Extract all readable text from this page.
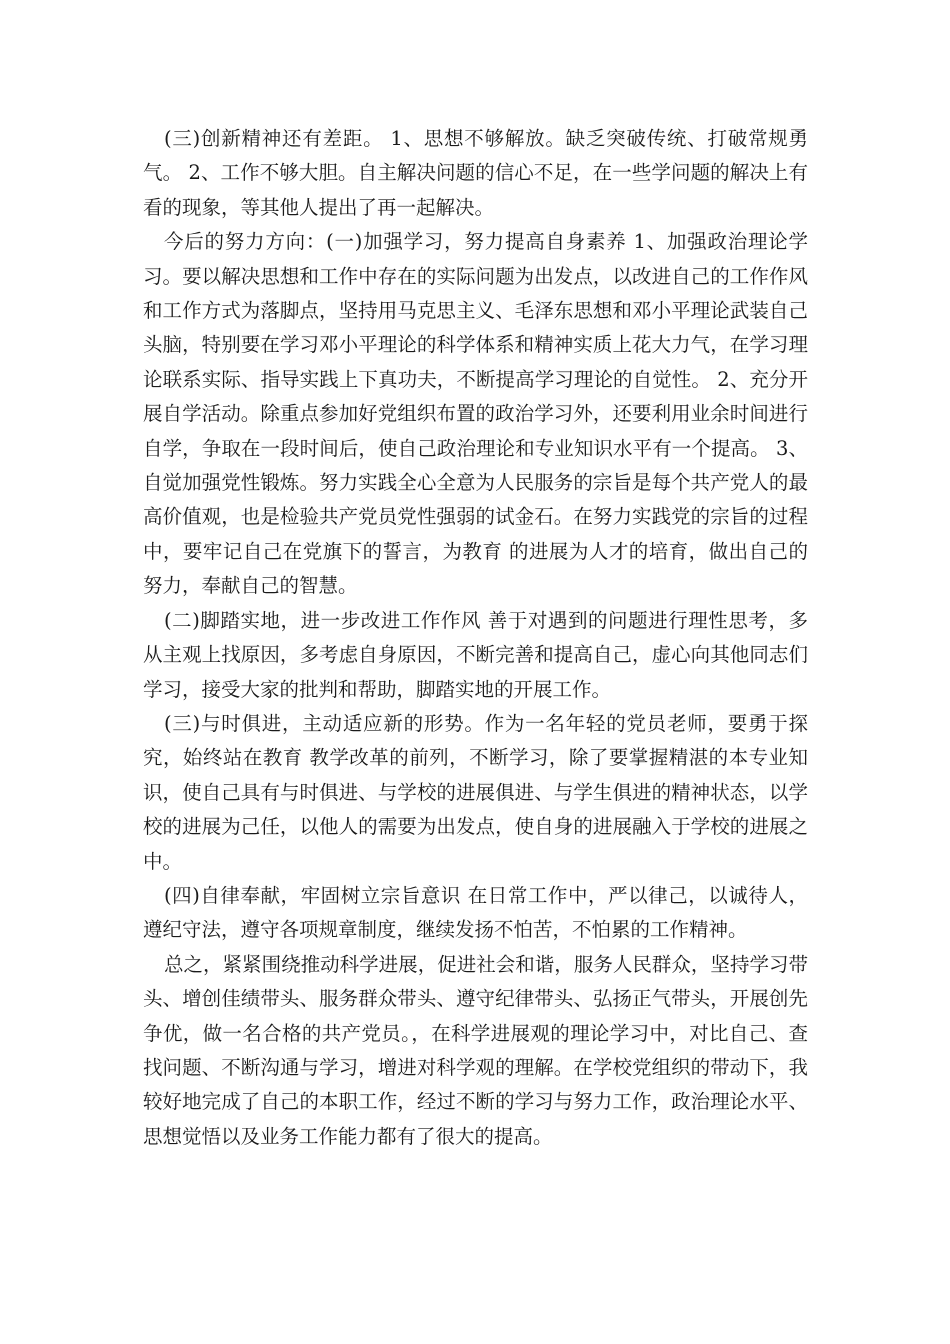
(三)创新精神还有差距。 1、思想不够解放。缺乏突破传统、打破常规勇气。 2、工作不够大胆。自主解决问题的信心不足，在一些学问题的解决上有看的现象，等其他人提出了再一起解决。

今后的努力方向：(一)加强学习，努力提高自身素养 1、加强政治理论学习。要以解决思想和工作中存在的实际问题为出发点，以改进自己的工作作风和工作方式为落脚点，坚持用马克思主义、毛泽东思想和邓小平理论武装自己头脑，特别要在学习邓小平理论的科学体系和精神实质上花大力气，在学习理论联系实际、指导实践上下真功夫，不断提高学习理论的自觉性。 2、充分开展自学活动。除重点参加好党组织布置的政治学习外，还要利用业余时间进行自学，争取在一段时间后，使自己政治理论和专业知识水平有一个提高。 3、自觉加强党性锻炼。努力实践全心全意为人民服务的宗旨是每个共产党人的最高价值观，也是检验共产党员党性强弱的试金石。在努力实践党的宗旨的过程中，要牢记自己在党旗下的誓言，为教育 的进展为人才的培育，做出自己的努力，奉献自己的智慧。

(二)脚踏实地，进一步改进工作作风 善于对遇到的问题进行理性思考，多从主观上找原因，多考虑自身原因，不断完善和提高自己，虚心向其他同志们学习，接受大家的批判和帮助，脚踏实地的开展工作。

(三)与时俱进，主动适应新的形势。作为一名年轻的党员老师，要勇于探究，始终站在教育 教学改革的前列，不断学习，除了要掌握精湛的本专业知识，使自己具有与时俱进、与学校的进展俱进、与学生俱进的精神状态，以学校的进展为己任，以他人的需要为出发点，使自身的进展融入于学校的进展之中。

(四)自律奉献，牢固树立宗旨意识 在日常工作中，严以律己，以诚待人，遵纪守法，遵守各项规章制度，继续发扬不怕苦，不怕累的工作精神。

总之，紧紧围绕推动科学进展，促进社会和谐，服务人民群众，坚持学习带头、增创佳绩带头、服务群众带头、遵守纪律带头、弘扬正气带头，开展创先争优，做一名合格的共产党员。，在科学进展观的理论学习中，对比自己、查找问题、不断沟通与学习，增进对科学观的理解。在学校党组织的带动下，我较好地完成了自己的本职工作，经过不断的学习与努力工作，政治理论水平、思想觉悟以及业务工作能力都有了很大的提高。
